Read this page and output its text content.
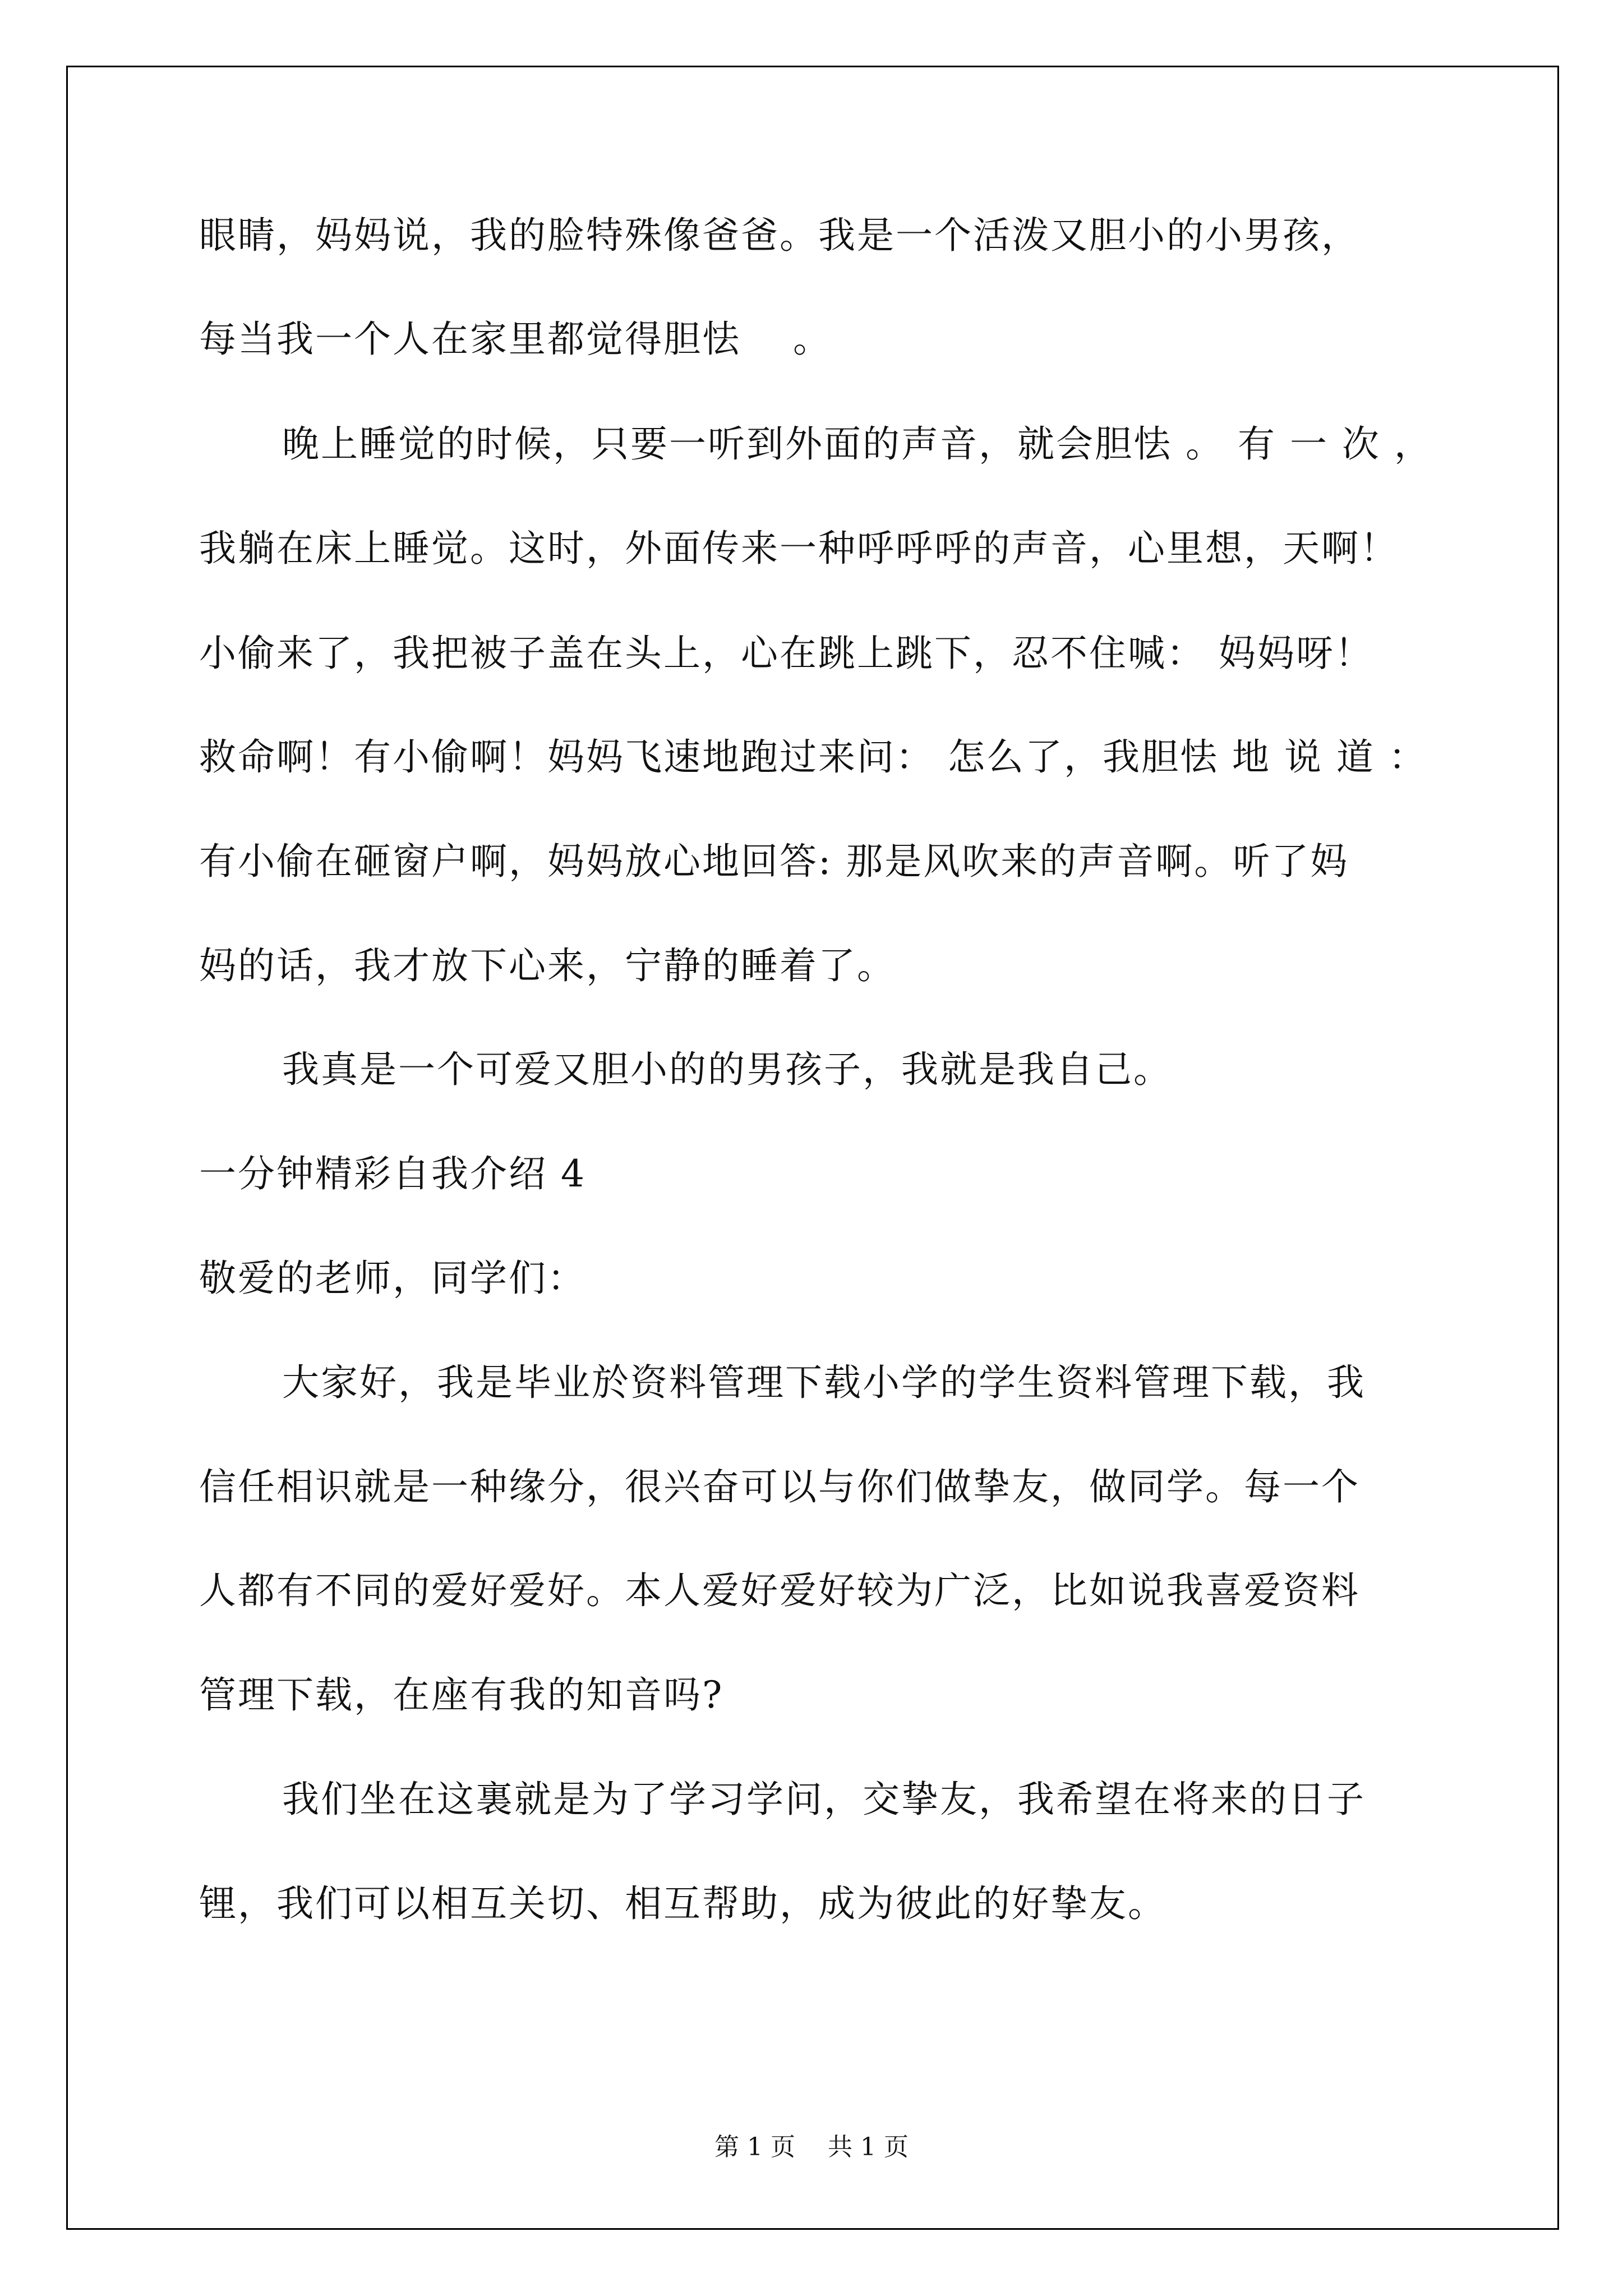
眼睛，妈妈说，我的脸特殊像爸爸。我是一个活泼又胆小的小男孩，
每当我一个人在家里都觉得胆怯　 。
晚上睡觉的时候，只要一听到外面的声音，就会胆怯 。 有 一 次 ，
我躺在床上睡觉。这时，外面传来一种呼呼呼的声音，心里想，天啊！
小偷来了，我把被子盖在头上，心在跳上跳下，忍不住喊： 妈妈呀！
救命啊！有小偷啊！妈妈飞速地跑过来问： 怎么了，我胆怯 地 说 道 ：
有小偷在砸窗户啊，妈妈放心地回答: 那是风吹来的声音啊。听了妈
妈的话，我才放下心来，宁静的睡着了。
我真是一个可爱又胆小的的男孩子，我就是我自己。
一分钟精彩自我介绍 4
敬爱的老师，同学们：
大家好，我是毕业於资料管理下载小学的学生资料管理下载，我
信任相识就是一种缘分，很兴奋可以与你们做挚友，做同学。每一个
人都有不同的爱好爱好。本人爱好爱好较为广泛，比如说我喜爱资料
管理下载，在座有我的知音吗?
我们坐在这裏就是为了学习学问，交挚友，我希望在将来的日子
锂，我们可以相互关切、相互帮助，成为彼此的好挚友。
第 1 页　 共 1 页
